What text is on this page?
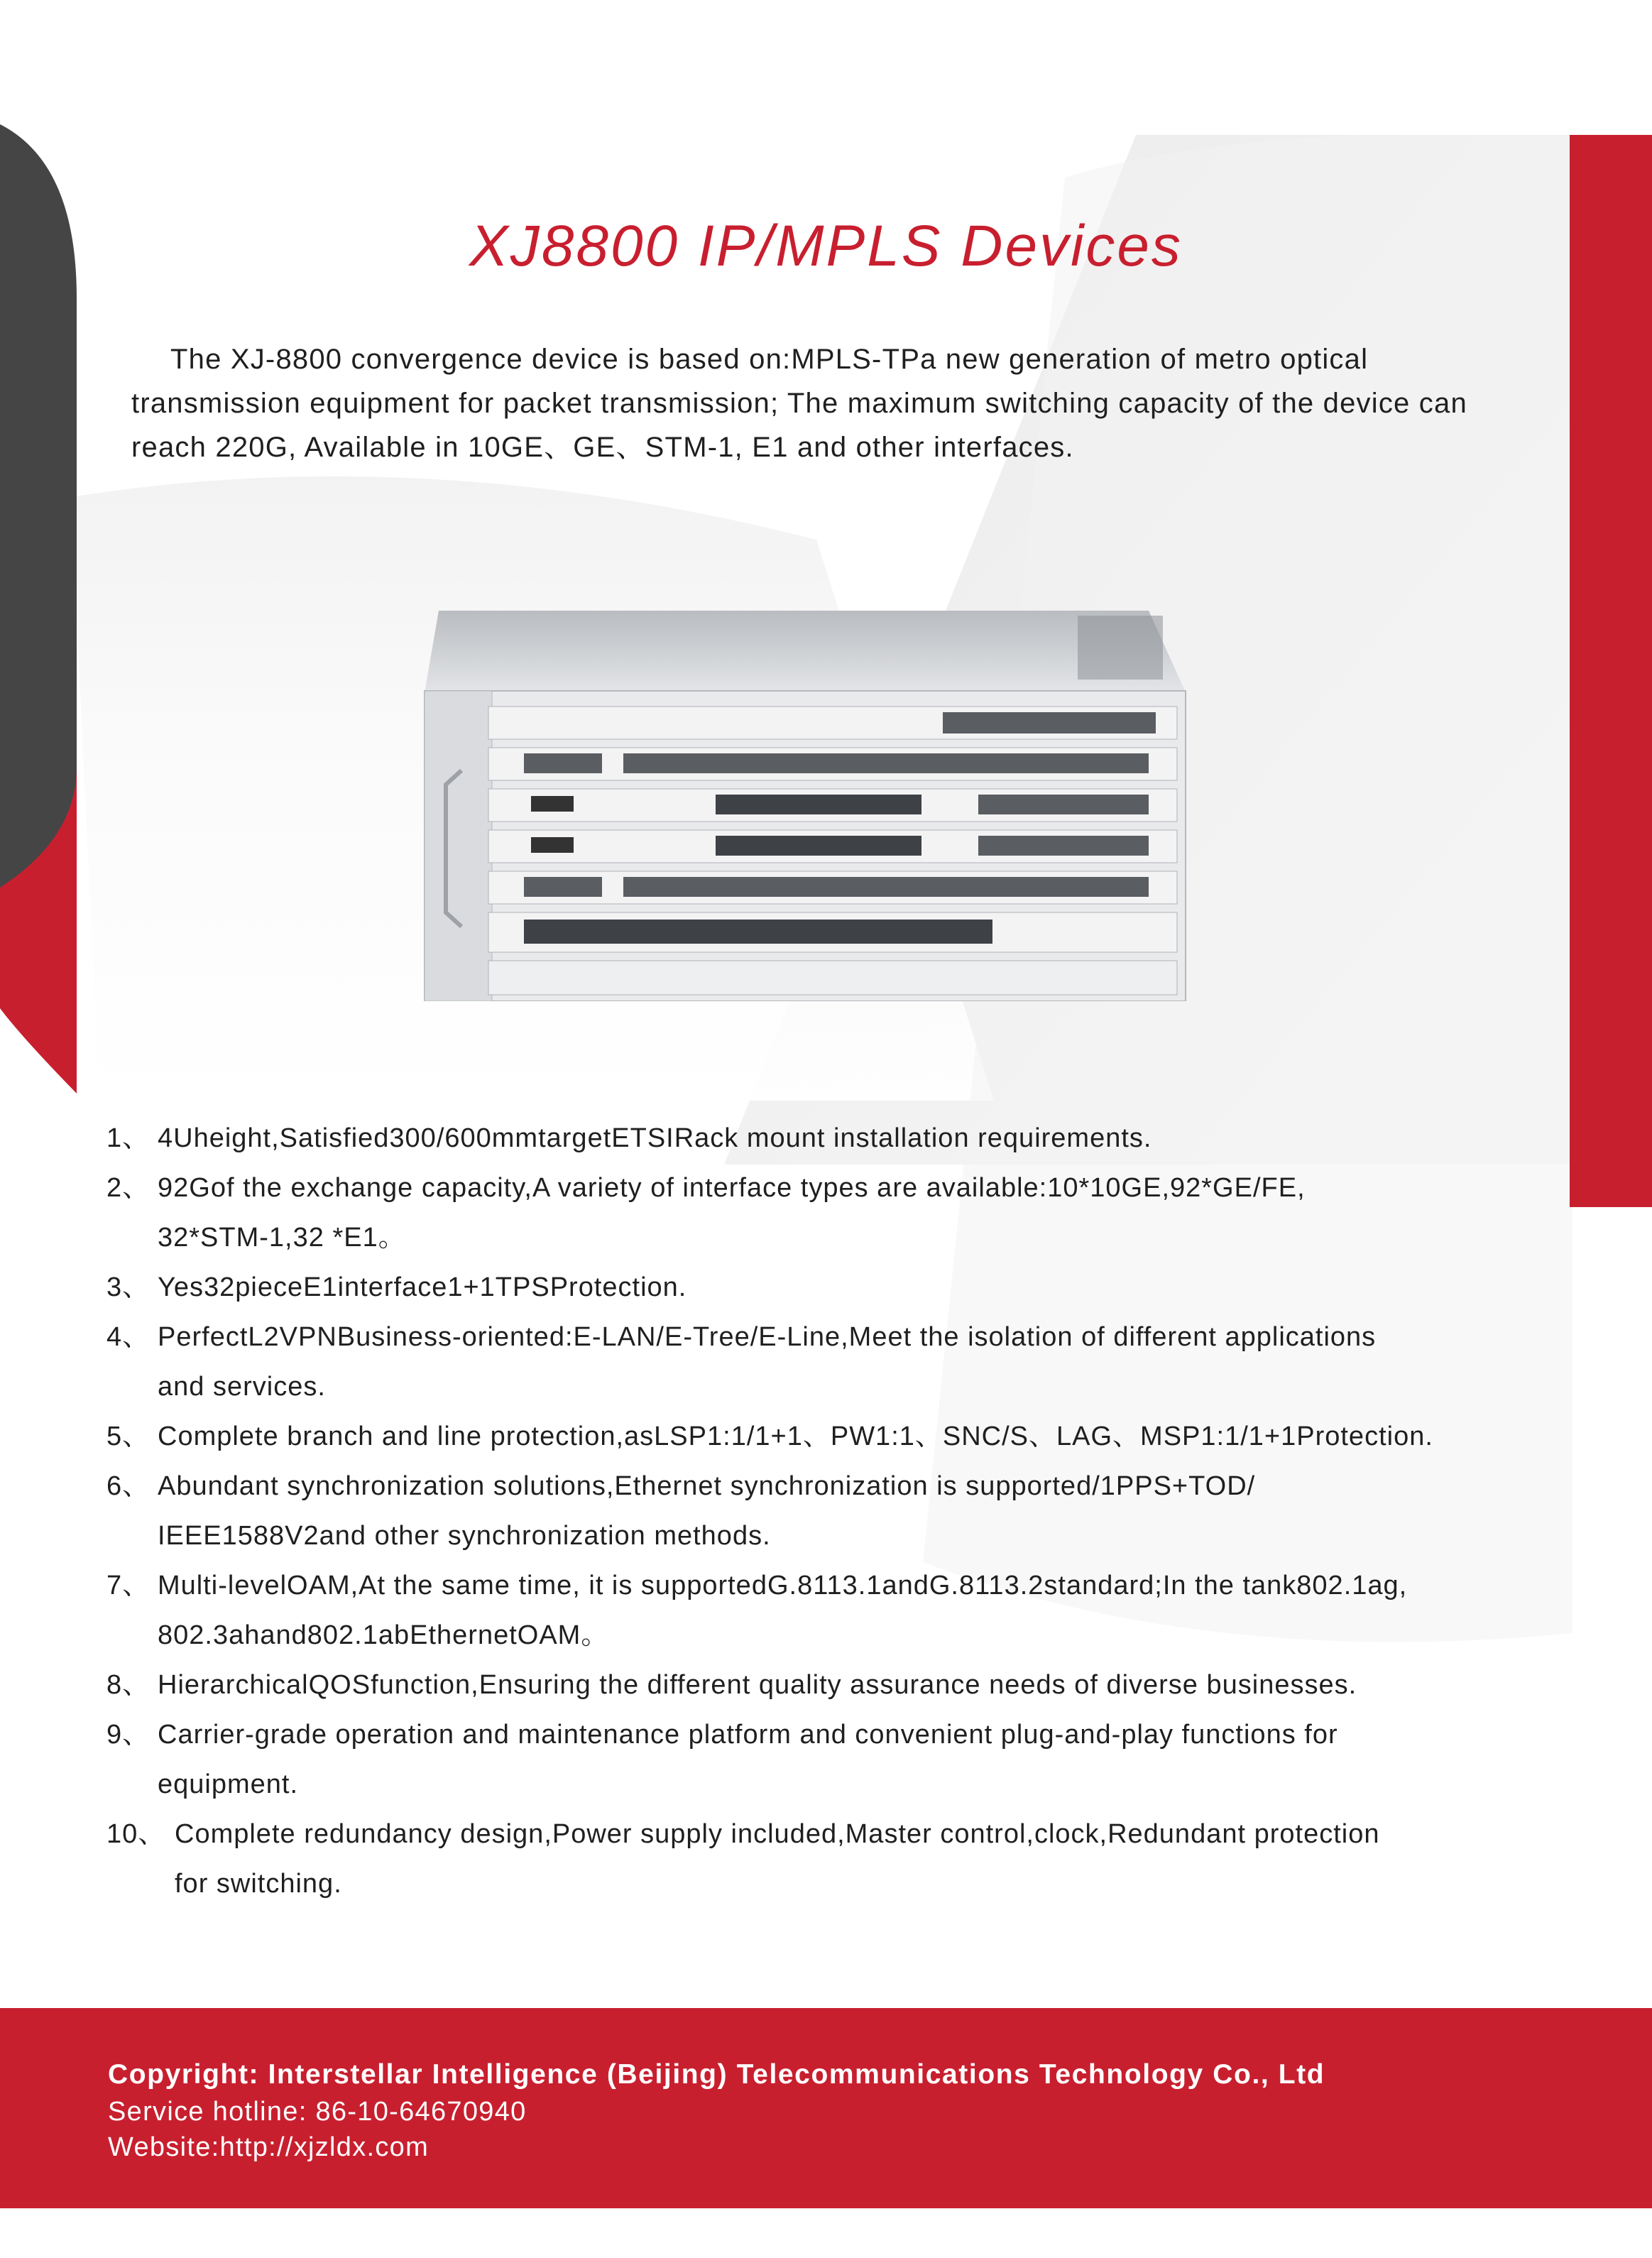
XJ8800 IP/MPLS Devices
The XJ-8800 convergence device is based on:MPLS-TPa new generation of metro optical
transmission equipment for packet transmission; The maximum switching capacity of the device can
reach 220G, Available in 10GE、GE、STM-1, E1 and other interfaces.
1、 4Uheight,Satisfied300/600mmtargetETSIRack mount installation requirements.
2、 92Gof the exchange capacity,A variety of interface types are available:10*10GE,92*GE/FE,
32*STM-1,32 *E1。
3、 Yes32pieceE1interface1+1TPSProtection.
4、 PerfectL2VPNBusiness-oriented:E-LAN/E-Tree/E-Line,Meet the isolation of different applications
and services.
5、 Complete branch and line protection,asLSP1:1/1+1、PW1:1、SNC/S、LAG、MSP1:1/1+1Protection.
6、 Abundant synchronization solutions,Ethernet synchronization is supported/1PPS+TOD/
IEEE1588V2and other synchronization methods.
7、 Multi-levelOAM,At the same time, it is supportedG.8113.1andG.8113.2standard;In the tank802.1ag,
802.3ahand802.1abEthernetOAM。
8、 HierarchicalQOSfunction,Ensuring the different quality assurance needs of diverse businesses.
9、 Carrier-grade operation and maintenance platform and convenient plug-and-play functions for
equipment.
10、 Complete redundancy design,Power supply included,Master control,clock,Redundant protection
for switching.
Copyright: Interstellar Intelligence (Beijing) Telecommunications Technology Co., Ltd
Service hotline: 86-10-64670940
Website:http://xjzldx.com
